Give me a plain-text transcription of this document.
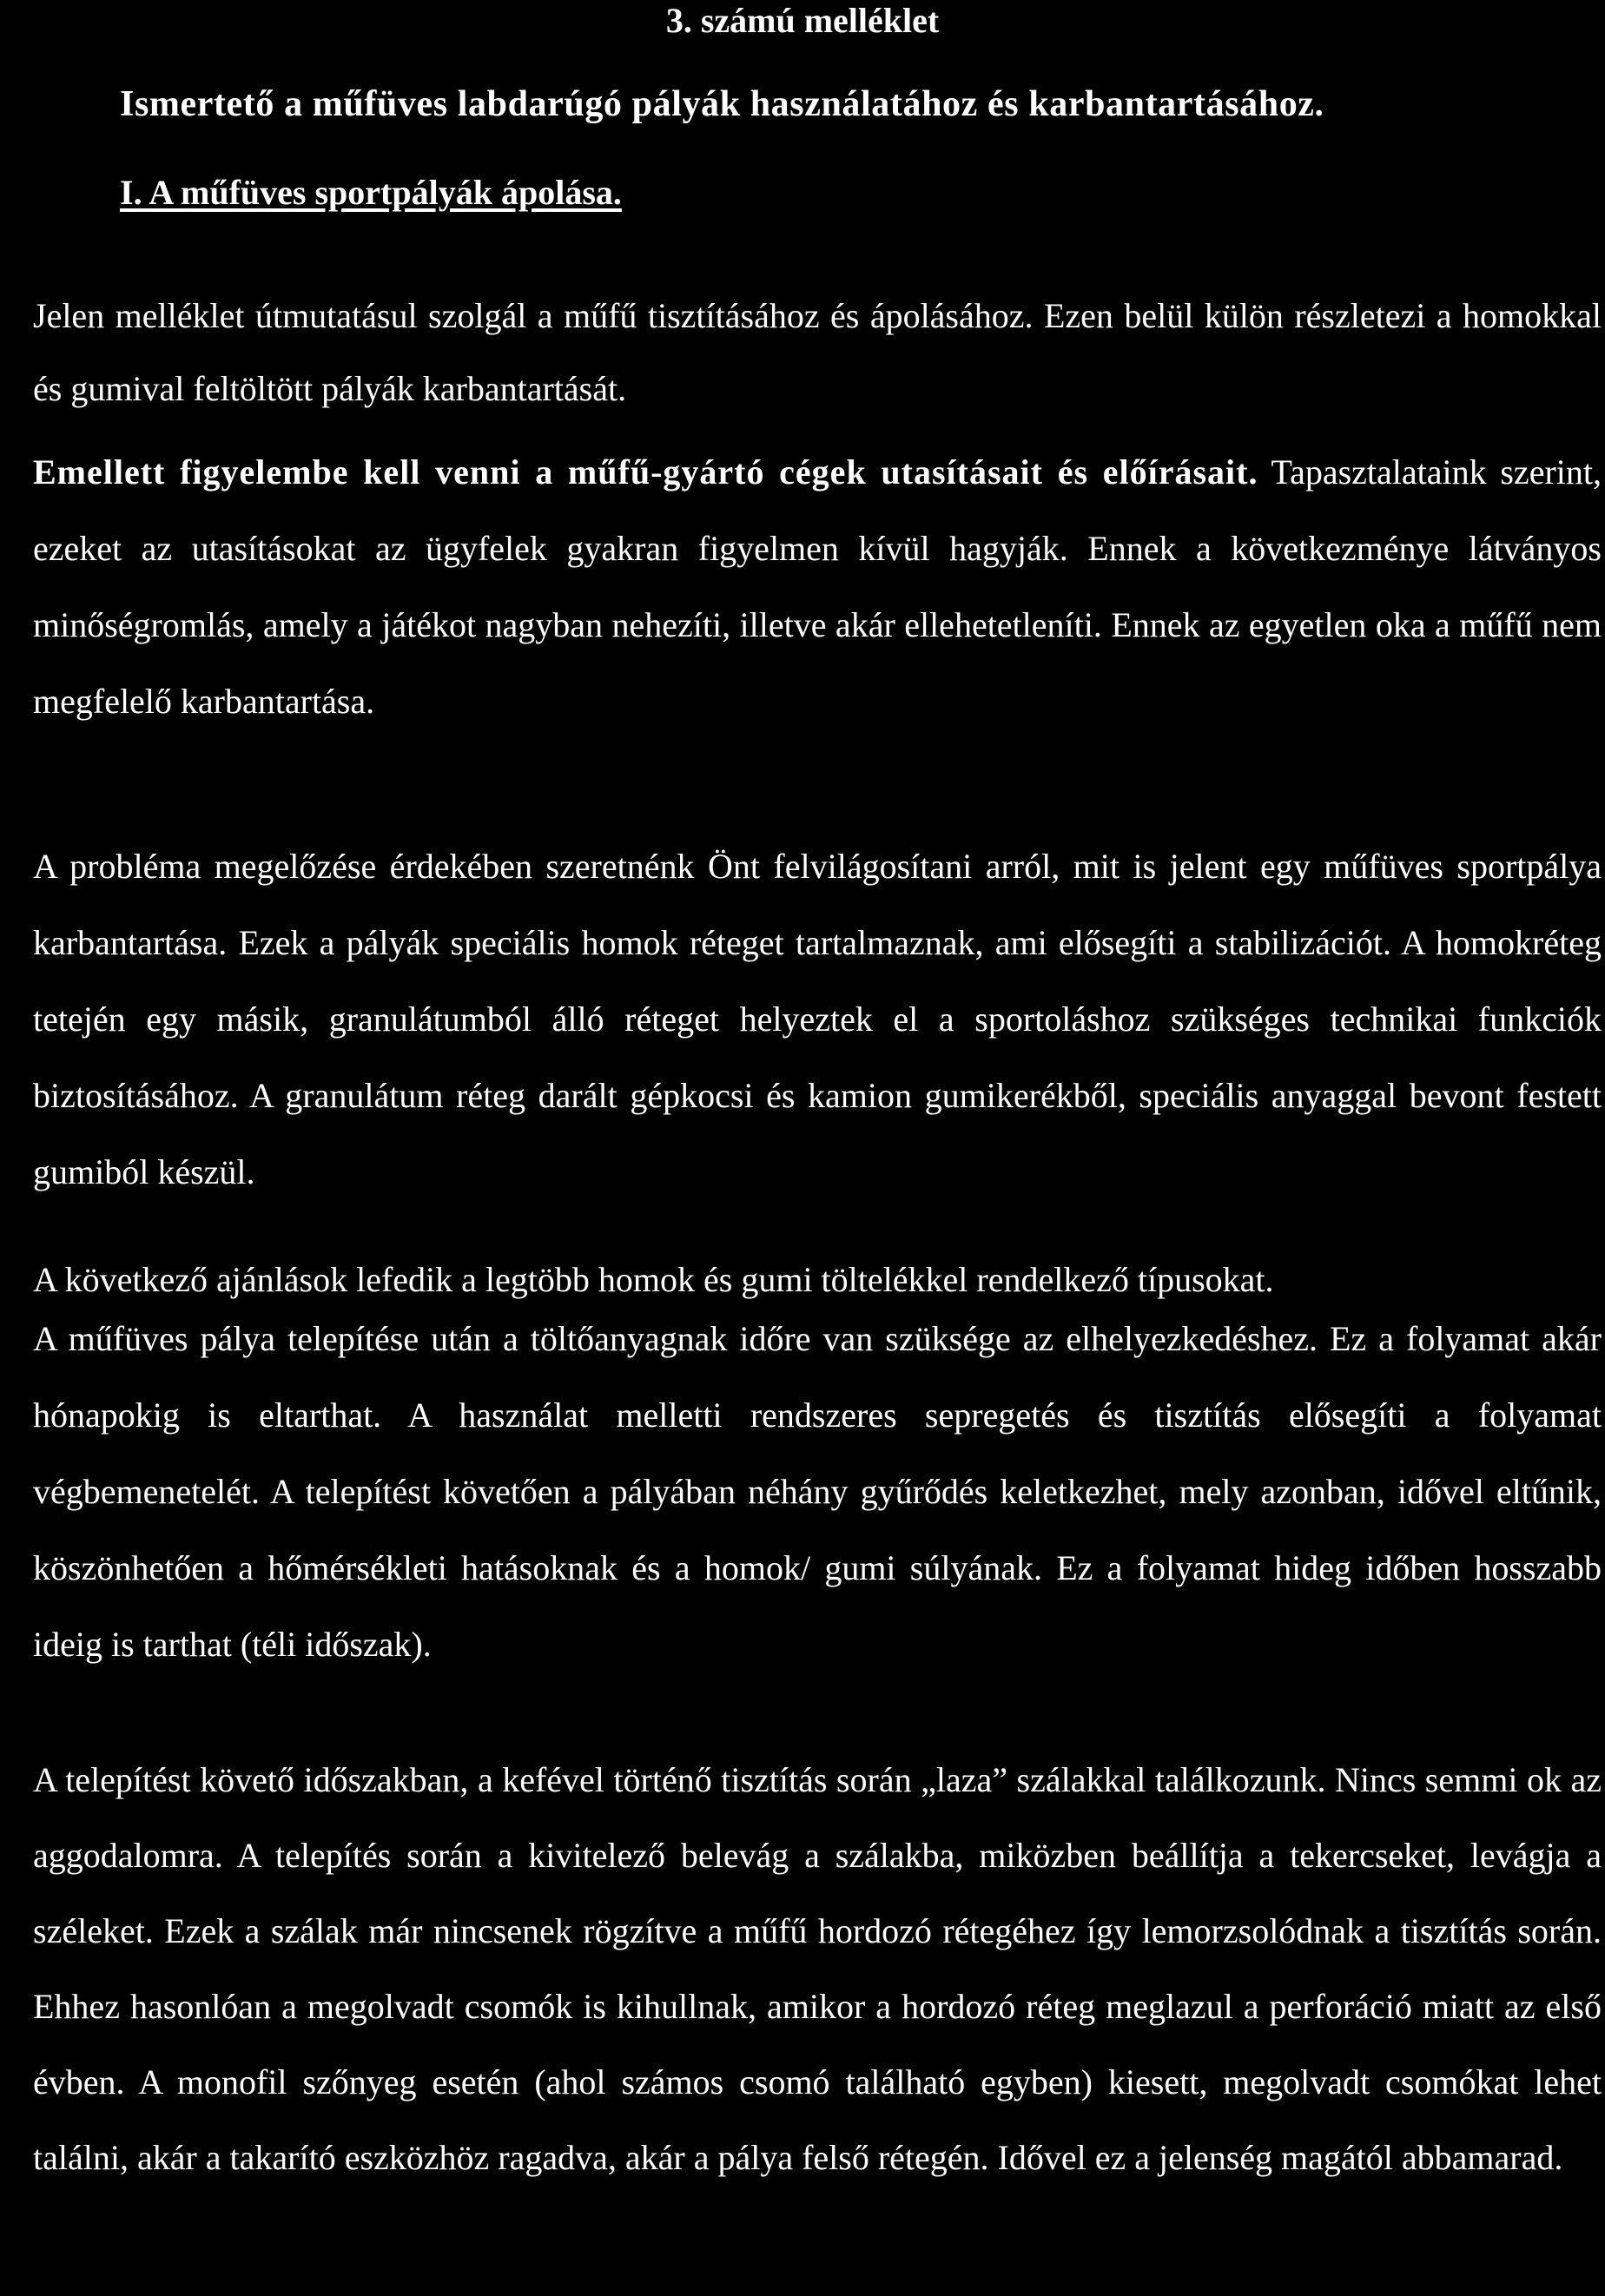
3. számú melléklet
Ismertető a műfüves labdarúgó pályák használatához és karbantartásához.
I. A műfüves sportpályák ápolása.

Jelen melléklet útmutatásul szolgál a műfű tisztításához és ápolásához. Ezen belül külön részletezi a homokkal és gumival feltöltött pályák karbantartását.

Emellett figyelembe kell venni a műfű-gyártó cégek utasításait és előírásait. Tapasztalataink szerint, ezeket az utasításokat az ügyfelek gyakran figyelmen kívül hagyják. Ennek a következménye látványos minőségromlás, amely a játékot nagyban nehezíti, illetve akár ellehetetleníti. Ennek az egyetlen oka a műfű nem megfelelő karbantartása.

A probléma megelőzése érdekében szeretnénk Önt felvilágosítani arról, mit is jelent egy műfüves sportpálya karbantartása. Ezek a pályák speciális homok réteget tartalmaznak, ami elősegíti a stabilizációt. A homokréteg tetején egy másik, granulátumból álló réteget helyeztek el a sportoláshoz szükséges technikai funkciók biztosításához. A granulátum réteg darált gépkocsi és kamion gumikerékből, speciális anyaggal bevont festett gumiból készül.

A következő ajánlások lefedik a legtöbb homok és gumi töltelékkel rendelkező típusokat.

A műfüves pálya telepítése után a töltőanyagnak időre van szüksége az elhelyezkedéshez. Ez a folyamat akár hónapokig is eltarthat. A használat melletti rendszeres sepregetés és tisztítás elősegíti a folyamat végbemenetelét. A telepítést követően a pályában néhány gyűrődés keletkezhet, mely azonban, idővel eltűnik, köszönhetően a hőmérsékleti hatásoknak és a homok/ gumi súlyának. Ez a folyamat hideg időben hosszabb ideig is tarthat (téli időszak).

A telepítést követő időszakban, a kefével történő tisztítás során „laza” szálakkal találkozunk. Nincs semmi ok az aggodalomra. A telepítés során a kivitelező belevág a szálakba, miközben beállítja a tekercseket, levágja a széleket. Ezek a szálak már nincsenek rögzítve a műfű hordozó rétegéhez így lemorzsolódnak a tisztítás során. Ehhez hasonlóan a megolvadt csomók is kihullnak, amikor a hordozó réteg meglazul a perforáció miatt az első évben. A monofil szőnyeg esetén (ahol számos csomó található egyben) kiesett, megolvadt csomókat lehet találni, akár a takarító eszközhöz ragadva, akár a pálya felső rétegén. Idővel ez a jelenség magától abbamarad.
